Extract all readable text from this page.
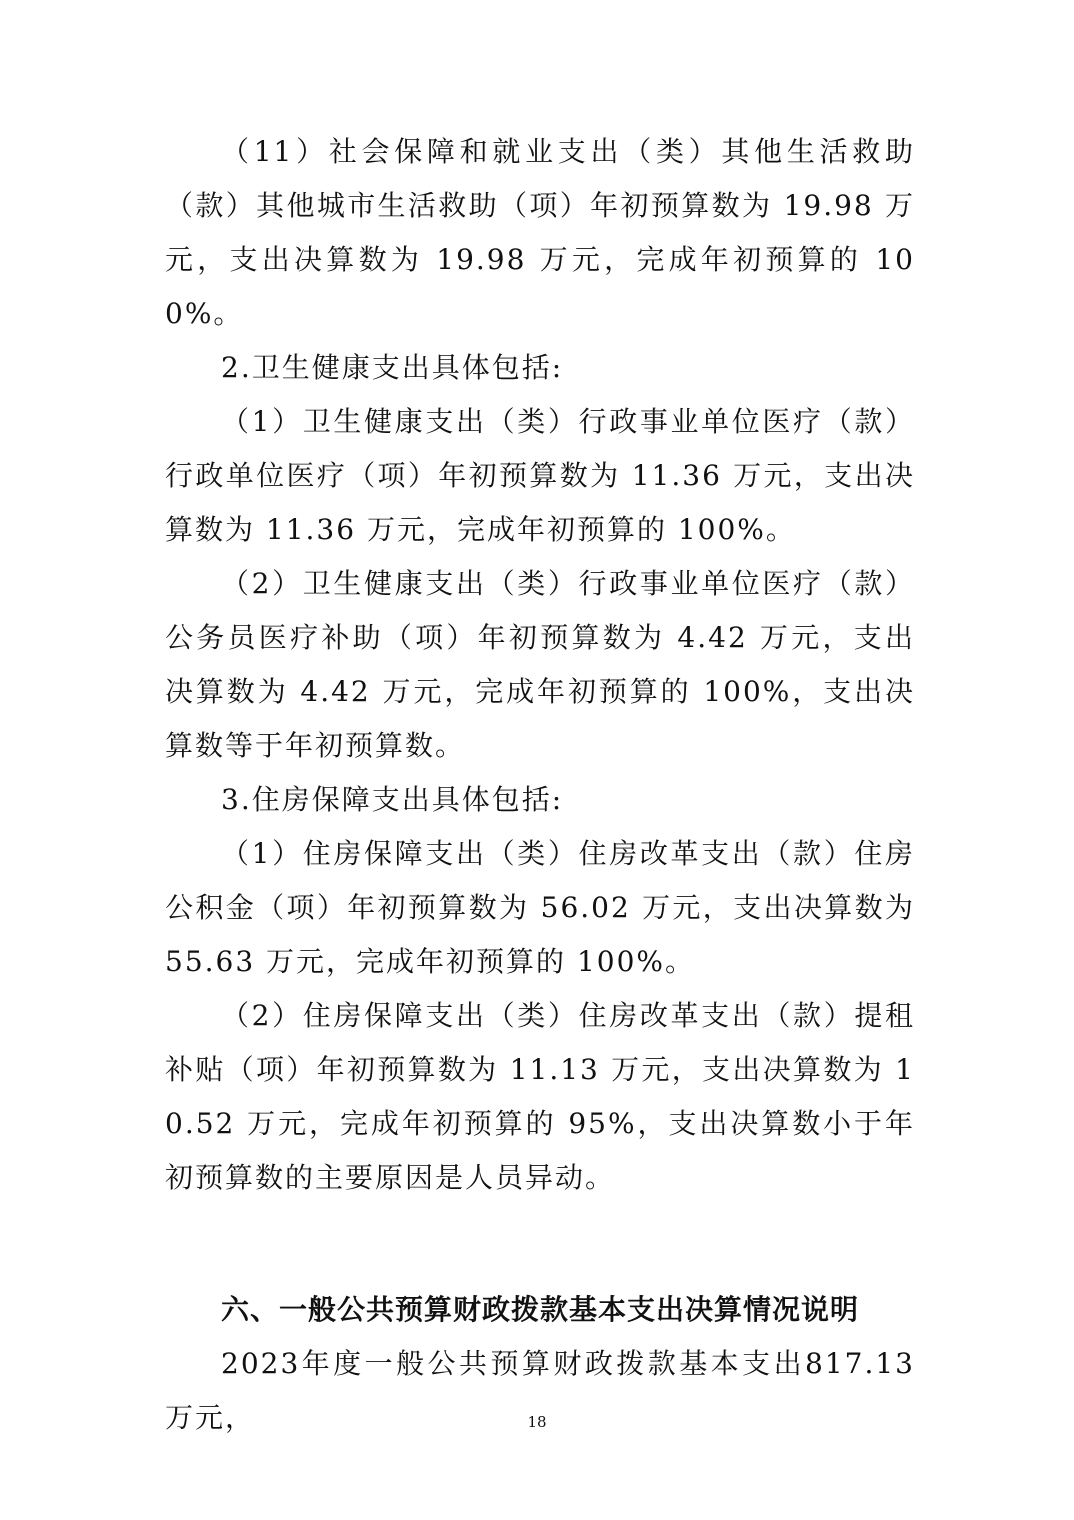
（11）社会保障和就业支出（类）其他生活救助（款）其他城市生活救助（项）年初预算数为 19.98 万元，支出决算数为 19.98 万元，完成年初预算的 100%。

2.卫生健康支出具体包括:

（1）卫生健康支出（类）行政事业单位医疗（款）行政单位医疗（项）年初预算数为 11.36 万元，支出决算数为 11.36 万元，完成年初预算的 100%。

（2）卫生健康支出（类）行政事业单位医疗（款）公务员医疗补助（项）年初预算数为 4.42 万元，支出决算数为 4.42 万元，完成年初预算的 100%，支出决算数等于年初预算数。

3.住房保障支出具体包括:

（1）住房保障支出（类）住房改革支出（款）住房公积金（项）年初预算数为 56.02 万元，支出决算数为 55.63 万元，完成年初预算的 100%。

（2）住房保障支出（类）住房改革支出（款）提租补贴（项）年初预算数为 11.13 万元，支出决算数为 10.52 万元，完成年初预算的 95%，支出决算数小于年初预算数的主要原因是人员异动。

六、一般公共预算财政拨款基本支出决算情况说明

2023年度一般公共预算财政拨款基本支出817.13万元，	18
